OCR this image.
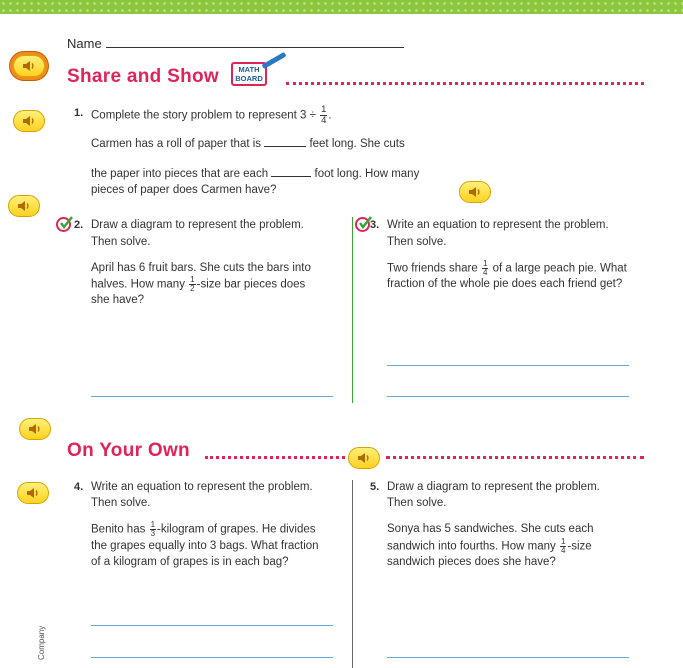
Name
Share and Show	MATH
BOARD
1. Complete the story problem to represent $3 \div \frac{1}{4}$ .
Carmen has a roll of paper that is	feet long. She cuts
the paper into pieces that are each	foot long. How many
pieces of paper does Carmen have?
2. Draw a diagram to represent the problem.
Then solve.
April has 6 fruit bars. She cuts the bars into
halves. How many $\frac{1}{2}$ -size bar pieces does
she have?
3. Write an equation to represent the problem.
Then solve.
Two friends share $\frac{1}{4}$ of a large peach pie. What
fraction of the whole pie does each friend get?
On Your Own
4. Write an equation to represent the problem.
Then solve.
Benito has $\frac{1}{3}$ -kilogram of grapes. He divides
the grapes equally into 3 bags. What fraction
of a kilogram of grapes is in each bag?
5. Draw a diagram to represent the problem.
Then solve.
Sonya has 5 sandwiches. She cuts each
sandwich into fourths. How many $\frac{1}{4}$ -size
sandwich pieces does she have?
Company
